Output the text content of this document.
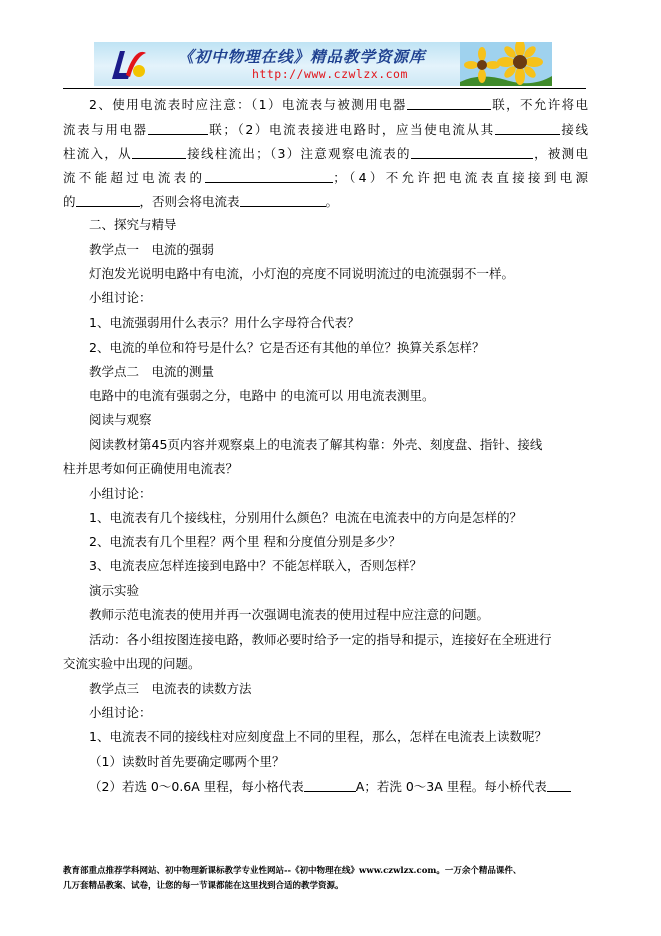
《初中物理在线》精品教学资源库
http://www.czwlzx.com
2、使用电流表时应注意：（1）电流表与被测用电器	联，不允许将电
流表与用电器	联；（2）电流表接进电路时，应当使电流从其	接线
柱流入，从	接线柱流出；（3）注意观察电流表的	，被测电
流不能超过电流表的	；（4）不允许把电流表直接接到电源
的	，否则会将电流表	。
二、探究与精导
教学点一　电流的强弱
灯泡发光说明电路中有电流，小灯泡的亮度不同说明流过的电流强弱不一样。
小组讨论：
1、电流强弱用什么表示？用什么字母符合代表？
2、电流的单位和符号是什么？它是否还有其他的单位？换算关系怎样？
教学点二　电流的测量
电路中的电流有强弱之分，电路中 的电流可以 用电流表测里。
阅读与观察
阅读教材第45页内容并观察桌上的电流表了解其构靠：外壳、刻度盘、指针、接线
柱并思考如何正确使用电流表？
小组讨论：
1、电流表有几个接线柱，分别用什么颜色？电流在电流表中的方向是怎样的？
2、电流表有几个里程？两个里 程和分度值分别是多少？
3、电流表应怎样连接到电路中？不能怎样联入，否则怎样？
演示实验
教师示范电流表的使用并再一次强调电流表的使用过程中应注意的问题。
活动：各小组按图连接电路，教师必要时给予一定的指导和提示，连接好在全班进行
交流实验中出现的问题。
教学点三　电流表的读数方法
小组讨论：
1、电流表不同的接线柱对应刻度盘上不同的里程，那么，怎样在电流表上读数呢？
（1）读数时首先要确定哪两个里？
（2）若选 0～0.6A 里程，每小格代表	A；若洗 0～3A 里程。每小桥代表
教育部重点推荐学科网站、初中物理新课标教学专业性网站--《初中物理在线》www.czwlzx.com。一万余个精品课件、
几万套精品教案、试卷，让您的每一节课都能在这里找到合适的教学资源。
